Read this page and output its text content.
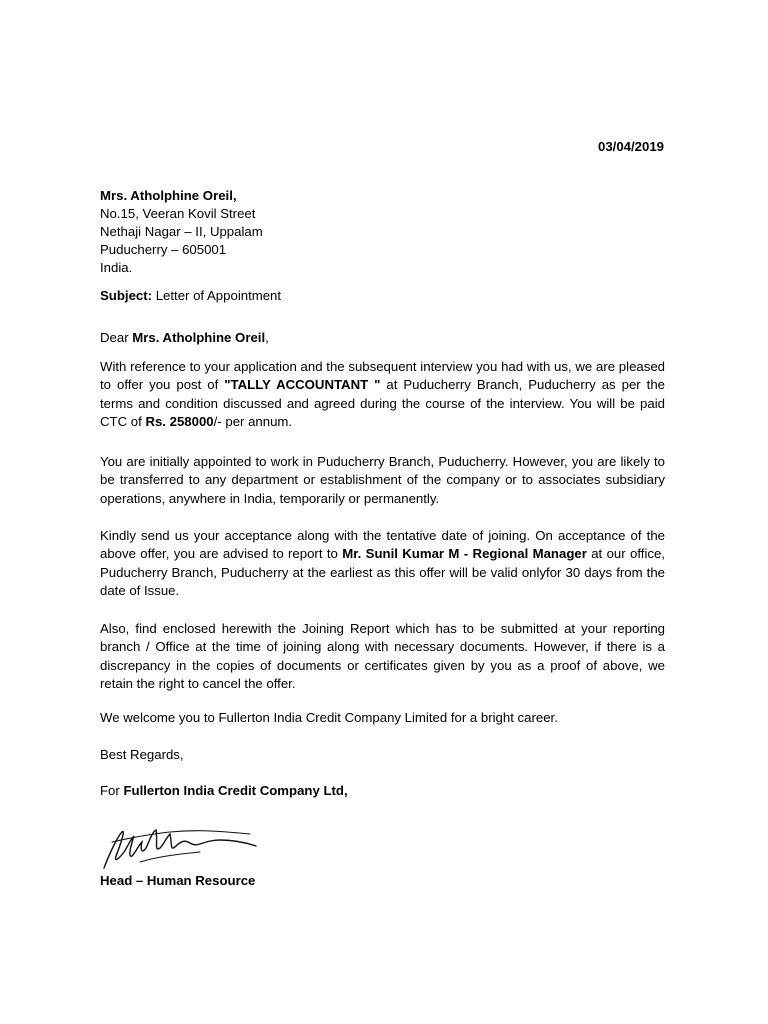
03/04/2019
Mrs. Atholphine Oreil,
No.15, Veeran Kovil Street
Nethaji Nagar – II, Uppalam
Puducherry – 605001
India.
Subject: Letter of Appointment
Dear Mrs. Atholphine Oreil,
With reference to your application and the subsequent interview you had with us, we are pleased to offer you post of "TALLY ACCOUNTANT " at Puducherry Branch, Puducherry as per the terms and condition discussed and agreed during the course of the interview. You will be paid CTC of Rs. 258000/- per annum.
You are initially appointed to work in Puducherry Branch, Puducherry. However, you are likely to be transferred to any department or establishment of the company or to associates subsidiary operations, anywhere in India, temporarily or permanently.
Kindly send us your acceptance along with the tentative date of joining. On acceptance of the above offer, you are advised to report to Mr. Sunil Kumar M - Regional Manager at our office, Puducherry Branch, Puducherry at the earliest as this offer will be valid onlyfor 30 days from the date of Issue.
Also, find enclosed herewith the Joining Report which has to be submitted at your reporting branch / Office at the time of joining along with necessary documents. However, if there is a discrepancy in the copies of documents or certificates given by you as a proof of above, we retain the right to cancel the offer.
We welcome you to Fullerton India Credit Company Limited for a bright career.
Best Regards,
For Fullerton India Credit Company Ltd,
Head – Human Resource
